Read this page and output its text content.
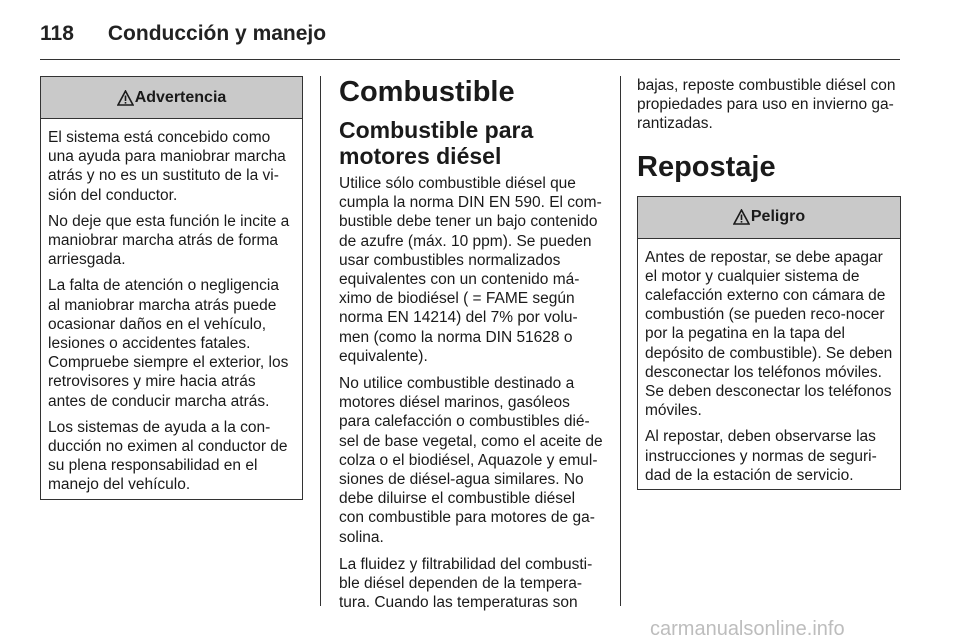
118 Conducción y manejo
Advertencia

El sistema está concebido como una ayuda para maniobrar marcha atrás y no es un sustituto de la vi-sión del conductor.

No deje que esta función le incite a maniobrar marcha atrás de forma arriesgada.

La falta de atención o negligencia al maniobrar marcha atrás puede ocasionar daños en el vehículo, lesiones o accidentes fatales. Compruebe siempre el exterior, los retrovisores y mire hacia atrás antes de conducir marcha atrás.

Los sistemas de ayuda a la con-ducción no eximen al conductor de su plena responsabilidad en el manejo del vehículo.

Combustible
Combustible para motores diésel

Utilice sólo combustible diésel que cumpla la norma DIN EN 590. El com-bustible debe tener un bajo contenido de azufre (máx. 10 ppm). Se pueden usar combustibles normalizados equivalentes con un contenido má-ximo de biodiésel ( = FAME según norma EN 14214) del 7% por volu-men (como la norma DIN 51628 o equivalente).

No utilice combustible destinado a motores diésel marinos, gasóleos para calefacción o combustibles dié-sel de base vegetal, como el aceite de colza o el biodiésel, Aquazole y emul-siones de diésel-agua similares. No debe diluirse el combustible diésel con combustible para motores de ga-solina.

La fluidez y filtrabilidad del combusti-ble diésel dependen de la tempera-tura. Cuando las temperaturas son

bajas, reposte combustible diésel con propiedades para uso en invierno ga-rantizadas.

Repostaje
Peligro

Antes de repostar, se debe apagar el motor y cualquier sistema de calefacción externo con cámara de combustión (se pueden reco-nocer por la pegatina en la tapa del depósito de combustible). Se deben desconectar los teléfonos móviles. Se deben desconectar los teléfonos móviles.

Al repostar, deben observarse las instrucciones y normas de seguri-dad de la estación de servicio.

carmanualsonline.info
